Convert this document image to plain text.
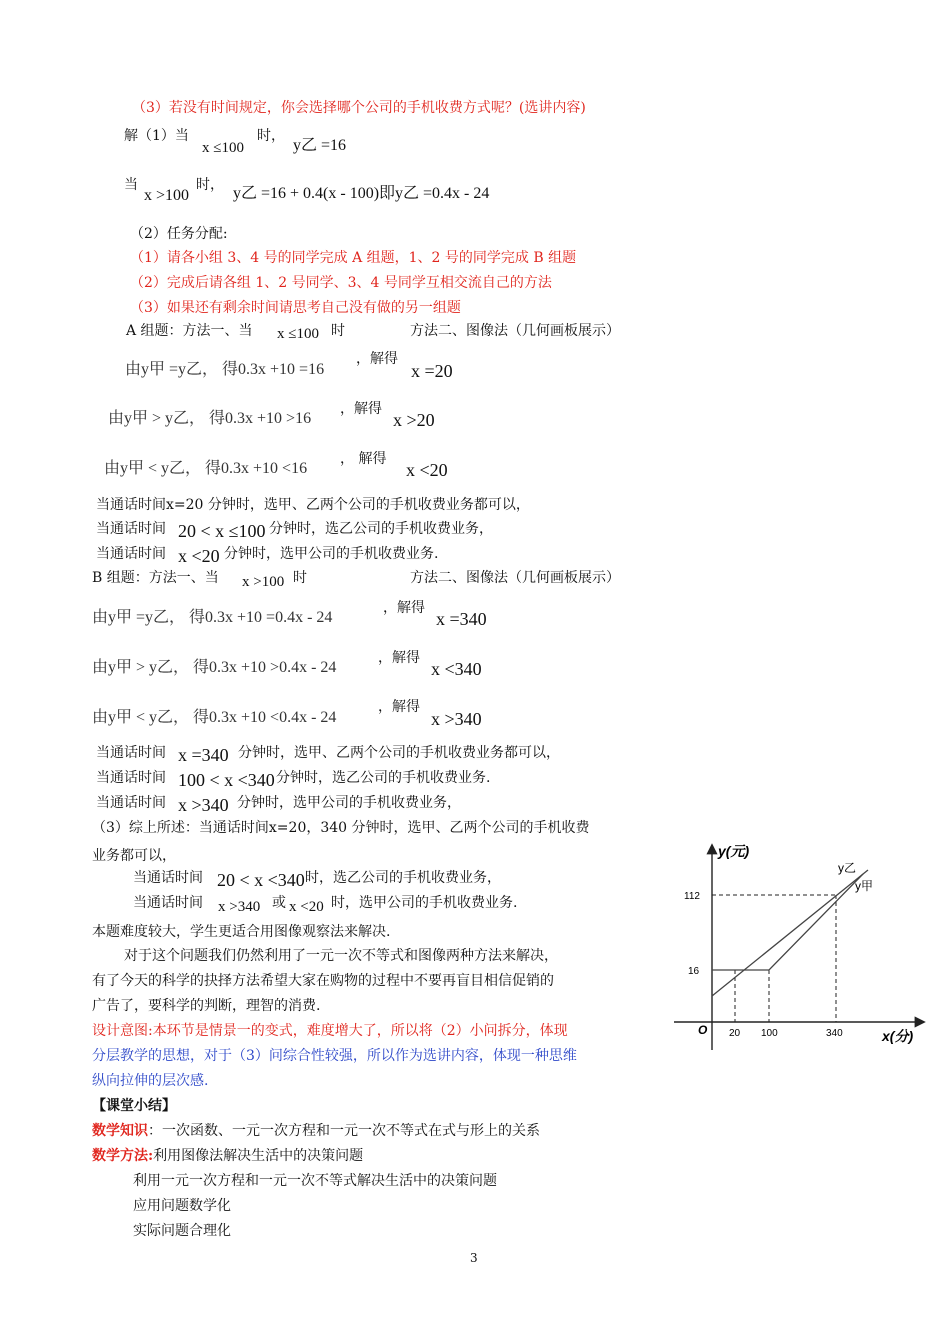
（3）若没有时间规定，你会选择哪个公司的手机收费方式呢？(选讲内容)
解（1）当
x ≤100
时，
y乙 =16
当
x >100
时， y乙 =16 + 0.4(x - 100)即y乙 =0.4x - 24
（2）任务分配:
（1）请各小组 3、4 号的同学完成 A 组题，1、2 号的同学完成 B 组题
（2）完成后请各组 1、2 号同学、3、4 号同学互相交流自己的方法
（3）如果还有剩余时间请思考自己没有做的另一组题
A 组题：方法一、当 x ≤100 时	方法二、图像法（几何画板展示）
由y甲 =y乙， 得0.3x +10 =16
，解得
x =20
由y甲 > y乙， 得0.3x +10 >16
，解得
x >20
由y甲 < y乙， 得0.3x +10 <16
， 解得
x <20
当通话时间x=20 分钟时，选甲、乙两个公司的手机收费业务都可以，
当通话时间 20 < x ≤100 分钟时，选乙公司的手机收费业务，
当通话时间 x <20 分钟时，选甲公司的手机收费业务.
B 组题：方法一、当 x >100 时	方法二、图像法（几何画板展示）
由y甲 =y乙， 得0.3x +10 =0.4x - 24
，解得
x =340
由y甲 > y乙， 得0.3x +10 >0.4x - 24
，解得
x <340
由y甲 < y乙， 得0.3x +10 <0.4x - 24
，解得
x >340
当通话时间 x =340 分钟时，选甲、乙两个公司的手机收费业务都可以，
当通话时间 100 < x <340 分钟时，选乙公司的手机收费业务.
当通话时间 x >340 分钟时，选甲公司的手机收费业务，
（3）综上所述：当通话时间x=20，340 分钟时，选甲、乙两个公司的手机收费
业务都可以，
当通话时间 20 < x <340 时，选乙公司的手机收费业务，
当通话时间 x >340 或 x <20 时，选甲公司的手机收费业务.
本题难度较大，学生更适合用图像观察法来解决.
对于这个问题我们仍然利用了一元一次不等式和图像两种方法来解决，
有了今天的科学的抉择方法希望大家在购物的过程中不要再盲目相信促销的
广告了，要科学的判断，理智的消费.
设计意图:本环节是情景一的变式，难度增大了，所以将（2）小问拆分，体现
分层教学的思想，对于（3）问综合性较强，所以作为选讲内容，体现一种思维
纵向拉伸的层次感.
【课堂小结】
数学知识：一次函数、一元一次方程和一元一次不等式在式与形上的关系
数学方法:利用图像法解决生活中的决策问题
利用一元一次方程和一元一次不等式解决生活中的决策问题
应用问题数学化
实际问题合理化
3
y(元)
x(分)
O
16
112
20 100	340
y乙
y甲
